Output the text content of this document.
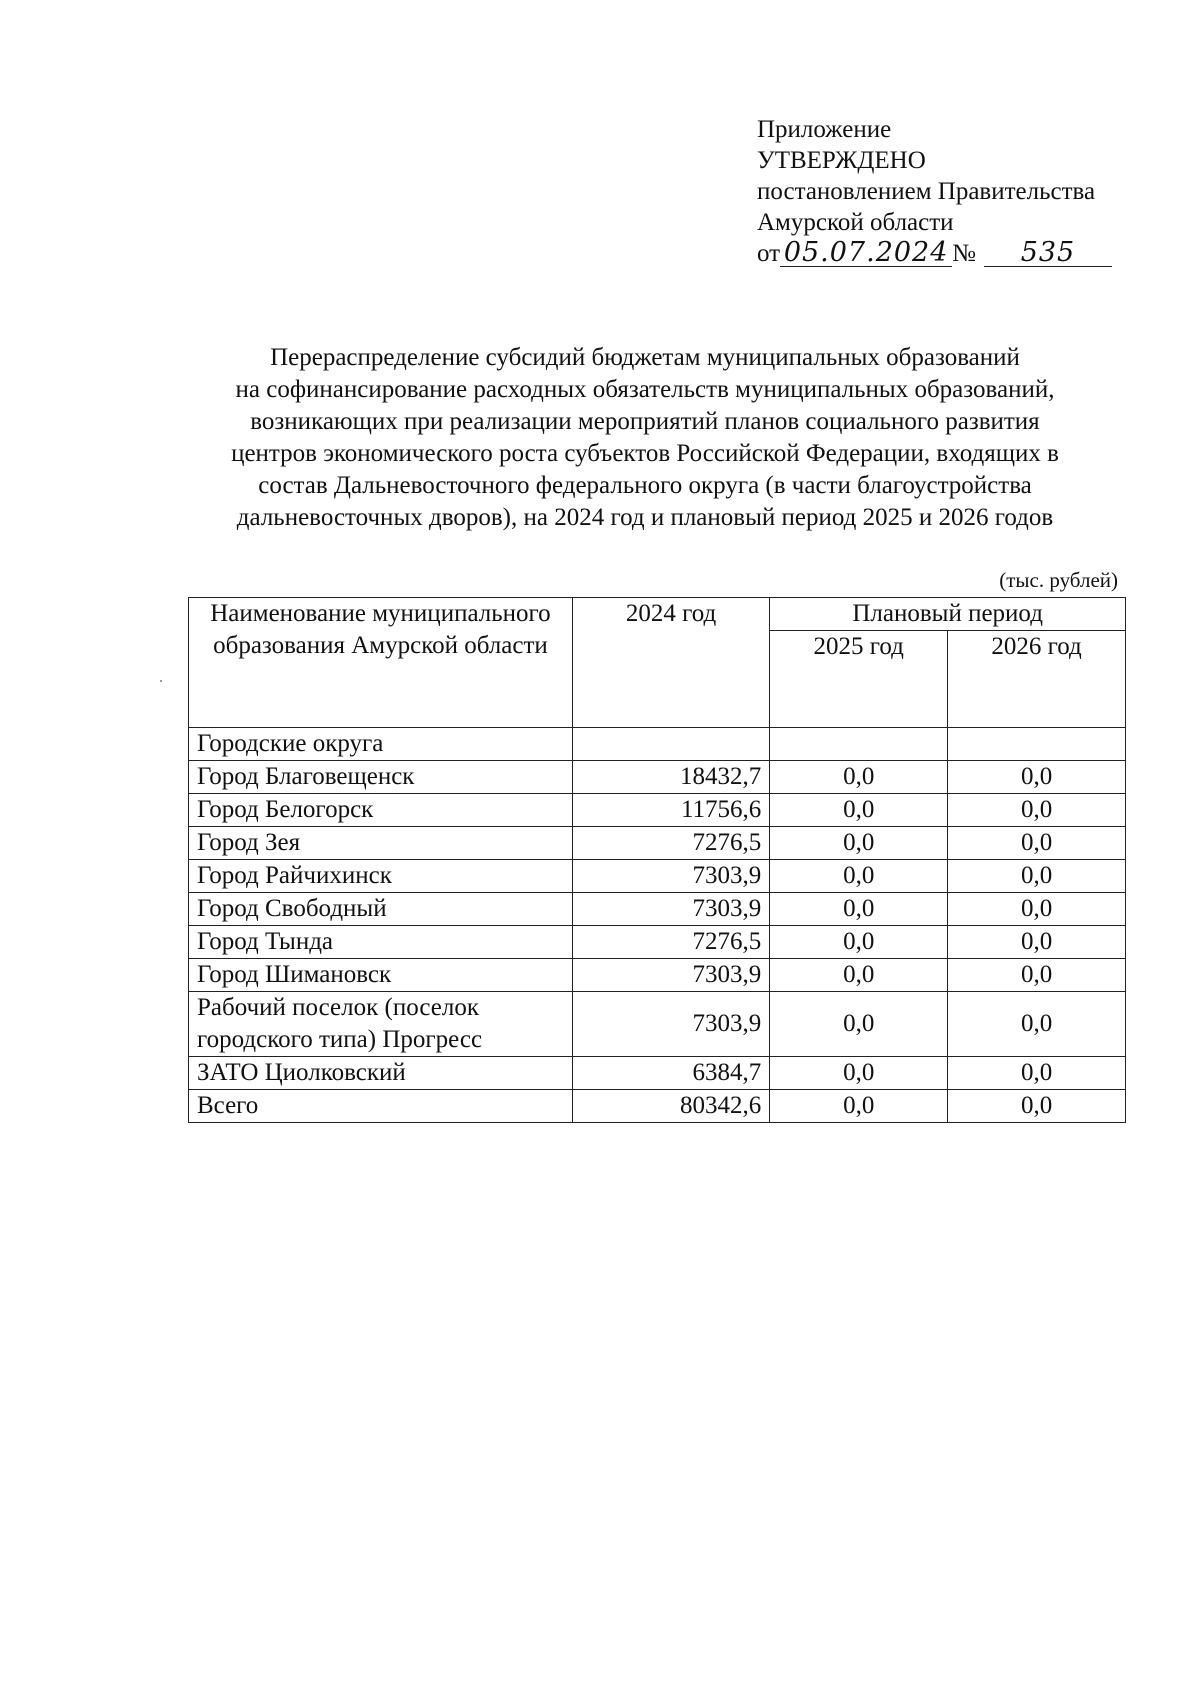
Приложение
УТВЕРЖДЕНО
постановлением Правительства
Амурской области
от 05.07.2024 № 535
Перераспределение субсидий бюджетам муниципальных образований
на софинансирование расходных обязательств муниципальных образований,
возникающих при реализации мероприятий планов социального развития
центров экономического роста субъектов Российской Федерации, входящих в
состав Дальневосточного федерального округа (в части благоустройства
дальневосточных дворов), на 2024 год и плановый период 2025 и 2026 годов
(тыс. рублей)
Наименование муниципального образования Амурской области	2024 год	Плановый период	
		2025 год	2026 год
Городские округа			
Город Благовещенск	18432,7	0,0	0,0
Город Белогорск	11756,6	0,0	0,0
Город Зея	7276,5	0,0	0,0
Город Райчихинск	7303,9	0,0	0,0
Город Свободный	7303,9	0,0	0,0
Город Тында	7276,5	0,0	0,0
Город Шимановск	7303,9	0,0	0,0
Рабочий поселок (поселок городского типа) Прогресс	7303,9	0,0	0,0
ЗАТО Циолковский	6384,7	0,0	0,0
Всего	80342,6	0,0	0,0
